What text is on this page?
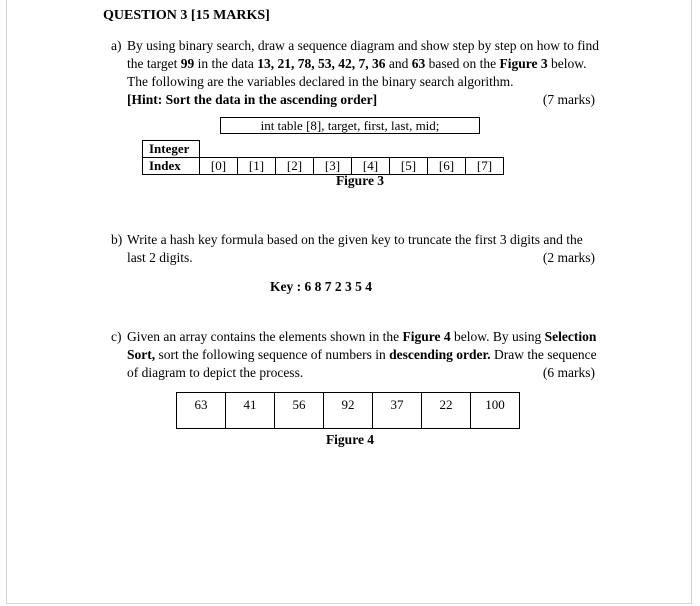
QUESTION 3 [15 MARKS]
a) By using binary search, draw a sequence diagram and show step by step on how to find
the target 99 in the data 13, 21, 78, 53, 42, 7, 36 and 63 based on the Figure 3 below.
The following are the variables declared in the binary search algorithm.
[Hint: Sort the data in the ascending order]	(7 marks)
int table [8], target, first, last, mid;
Integer								
Index	[0]	[1]	[2]	[3]	[4]	[5]	[6]	[7]
Figure 3
b) Write a hash key formula based on the given key to truncate the first 3 digits and the
last 2 digits.	(2 marks)
Key : 6 8 7 2 3 5 4
c) Given an array contains the elements shown in the Figure 4 below. By using Selection
Sort, sort the following sequence of numbers in descending order. Draw the sequence
of diagram to depict the process.	(6 marks)
63	41	56	92	37	22	100
Figure 4
